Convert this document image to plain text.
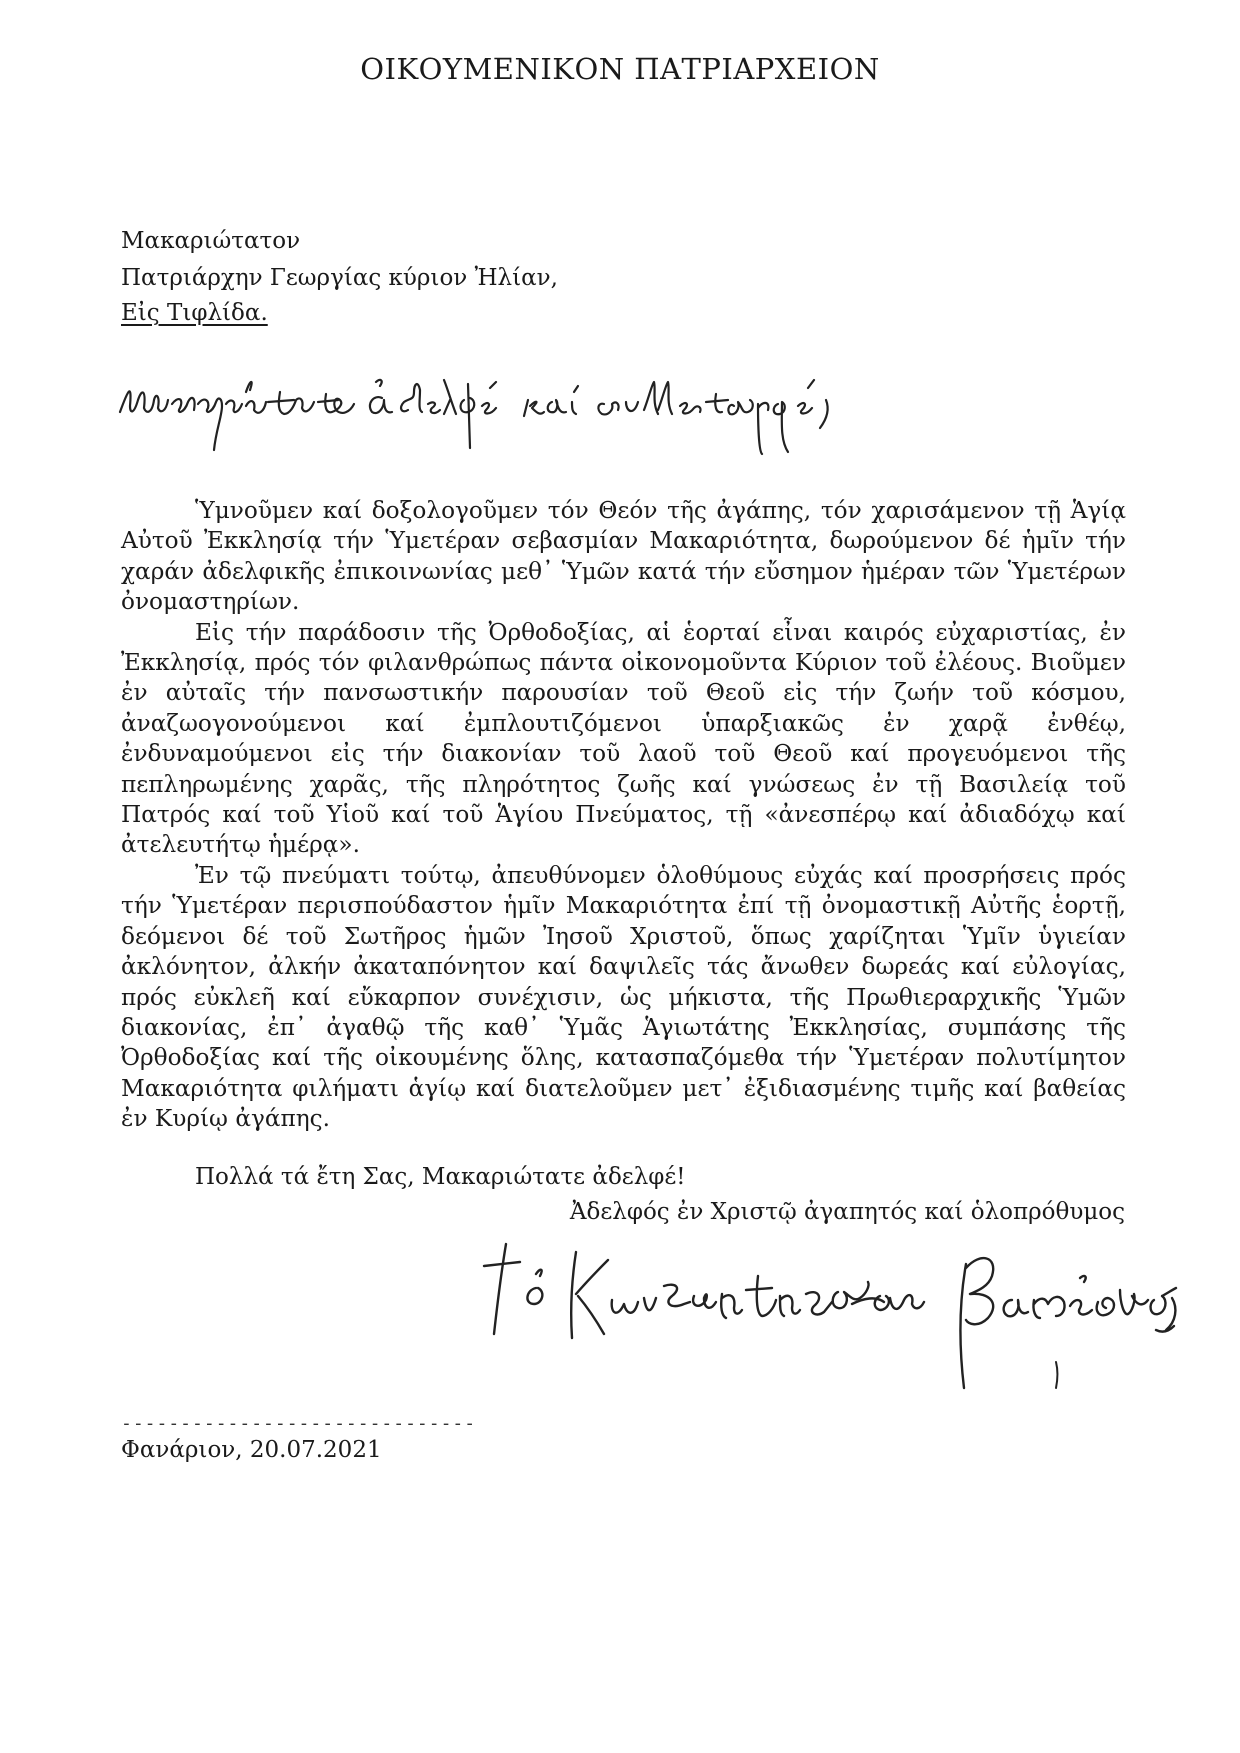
ΟΙΚΟΥΜΕΝΙΚΟΝ ΠΑΤΡΙΑΡΧΕΙΟΝ
Μακαριώτατον
Πατριάρχην Γεωργίας κύριον Ἠλίαν,
Εἰς Τιφλίδα.

Ὑμνοῦμεν καί δοξολογοῦμεν τόν Θεόν τῆς ἀγάπης, τόν χαρισάμενον τῇ Ἁγίᾳ Αὐτοῦ Ἐκκλησίᾳ τήν Ὑμετέραν σεβασμίαν Μακαριότητα, δωρούμενον δέ ἡμῖν τήν χαράν ἀδελφικῆς ἐπικοινωνίας μεθ᾽ Ὑμῶν κατά τήν εὔσημον ἡμέραν τῶν Ὑμετέρων ὀνομαστηρίων.

Εἰς τήν παράδοσιν τῆς Ὀρθοδοξίας, αἱ ἑορταί εἶναι καιρός εὐχαριστίας, ἐν Ἐκκλησίᾳ, πρός τόν φιλανθρώπως πάντα οἰκονομοῦντα Κύριον τοῦ ἐλέους. Βιοῦμεν ἐν αὐταῖς τήν πανσωστικήν παρουσίαν τοῦ Θεοῦ εἰς τήν ζωήν τοῦ κόσμου, ἀναζωογονούμενοι καί ἐμπλουτιζόμενοι ὑπαρξιακῶς ἐν χαρᾷ ἐνθέῳ, ἐνδυναμούμενοι εἰς τήν διακονίαν τοῦ λαοῦ τοῦ Θεοῦ καί προγευόμενοι τῆς πεπληρωμένης χαρᾶς, τῆς πληρότητος ζωῆς καί γνώσεως ἐν τῇ Βασιλείᾳ τοῦ Πατρός καί τοῦ Υἱοῦ καί τοῦ Ἁγίου Πνεύματος, τῇ «ἀνεσπέρῳ καί ἀδιαδόχῳ καί ἀτελευτήτῳ ἡμέρᾳ».

Ἐν τῷ πνεύματι τούτῳ, ἀπευθύνομεν ὁλοθύμους εὐχάς καί προσρήσεις πρός τήν Ὑμετέραν περισπούδαστον ἡμῖν Μακαριότητα ἐπί τῇ ὀνομαστικῇ Αὐτῆς ἑορτῇ, δεόμενοι δέ τοῦ Σωτῆρος ἡμῶν Ἰησοῦ Χριστοῦ, ὅπως χαρίζηται Ὑμῖν ὑγιείαν ἀκλόνητον, ἀλκήν ἀκαταπόνητον καί δαψιλεῖς τάς ἄνωθεν δωρεάς καί εὐλογίας, πρός εὐκλεῆ καί εὔκαρπον συνέχισιν, ὡς μήκιστα, τῆς Πρωθιεραρχικῆς Ὑμῶν διακονίας, ἐπ᾽ ἀγαθῷ τῆς καθ᾽ Ὑμᾶς Ἁγιωτάτης Ἐκκλησίας, συμπάσης τῆς Ὀρθοδοξίας καί τῆς οἰκουμένης ὅλης, κατασπαζόμεθα τήν Ὑμετέραν πολυτίμητον Μακαριότητα φιλήματι ἁγίῳ καί διατελοῦμεν μετ᾽ ἐξιδιασμένης τιμῆς καί βαθείας ἐν Κυρίῳ ἀγάπης.

Πολλά τά ἔτη Σας, Μακαριώτατε ἀδελφέ!
Ἀδελφός ἐν Χριστῷ ἀγαπητός καί ὁλοπρόθυμος
------------------------------
Φανάριον, 20.07.2021
